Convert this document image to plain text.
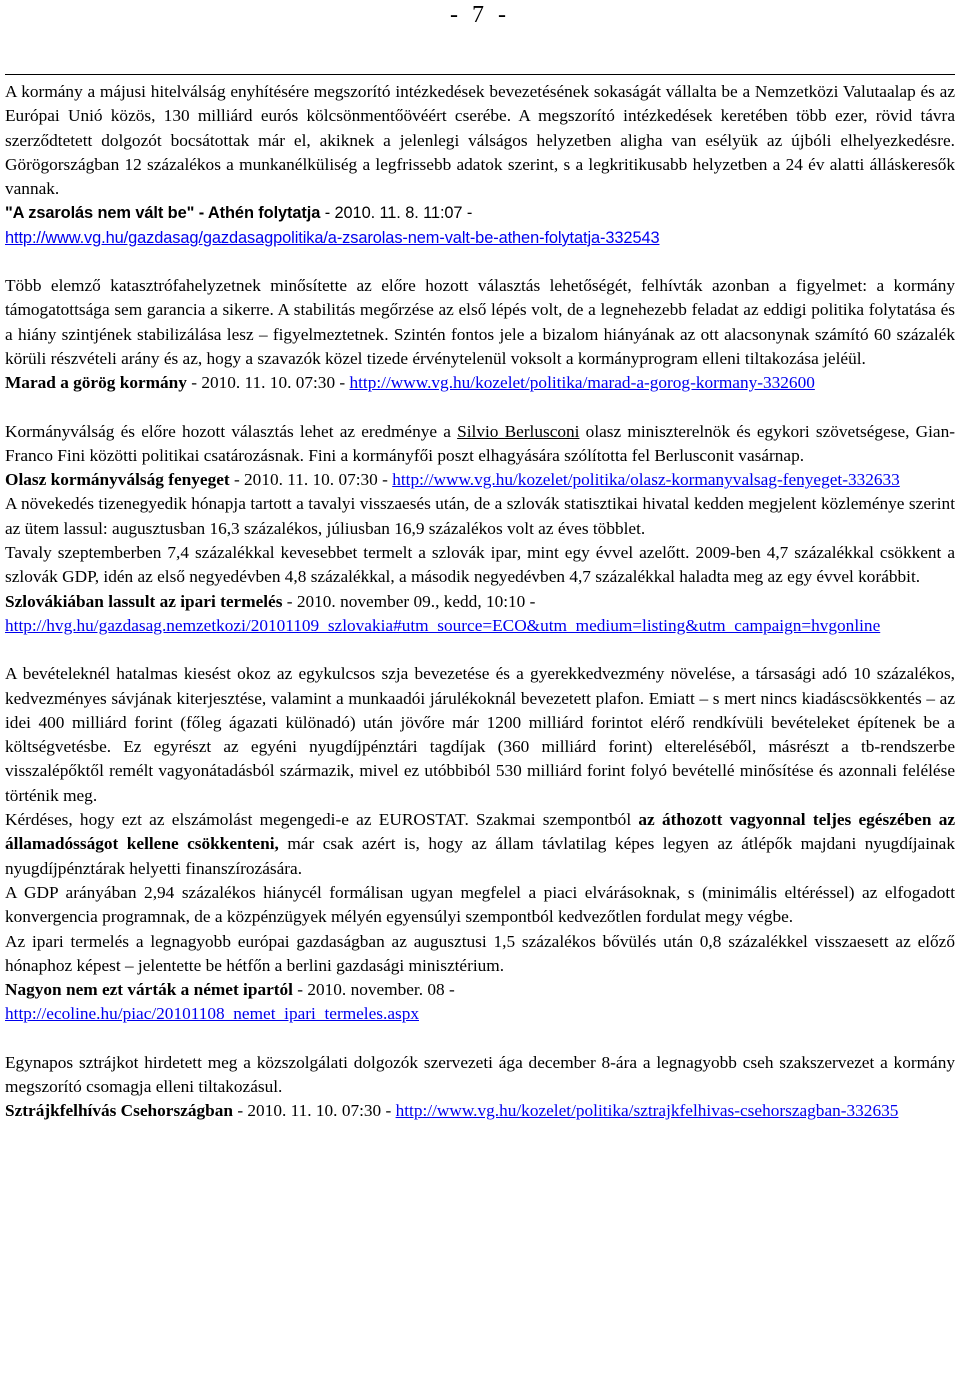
- 7 -

A kormány a májusi hitelválság enyhítésére megszorító intézkedések bevezetésének sokaságát vállalta be a Nemzetközi Valutaalap és az Európai Unió közös, 130 milliárd eurós kölcsönmentőövéért cserébe. A megszorító intézkedések keretében több ezer, rövid távra szerződtetett dolgozót bocsátottak már el, akiknek a jelenlegi válságos helyzetben aligha van esélyük az újbóli elhelyezkedésre. Görögországban 12 százalékos a munkanélküliség a legfrissebb adatok szerint, s a legkritikusabb helyzetben a 24 év alatti álláskeresők vannak.

"A zsarolás nem vált be" - Athén folytatja - 2010. 11. 8. 11:07 -

http://www.vg.hu/gazdasag/gazdasagpolitika/a-zsarolas-nem-valt-be-athen-folytatja-332543

Több elemző katasztrófahelyzetnek minősítette az előre hozott választás lehetőségét, felhívták azonban a figyelmet: a kormány támogatottsága sem garancia a sikerre. A stabilitás megőrzése az első lépés volt, de a legnehezebb feladat az eddigi politika folytatása és a hiány szintjének stabilizálása lesz – figyelmeztetnek. Szintén fontos jele a bizalom hiányának az ott alacsonynak számító 60 százalék körüli részvételi arány és az, hogy a szavazók közel tizede érvénytelenül voksolt a kormányprogram elleni tiltakozása jeléül.

Marad a görög kormány - 2010. 11. 10. 07:30 - http://www.vg.hu/kozelet/politika/marad-a-gorog-kormany-332600

Kormányválság és előre hozott választás lehet az eredménye a Silvio Berlusconi olasz miniszterelnök és egykori szövetségese, Gian-Franco Fini közötti politikai csatározásnak. Fini a kormányfői poszt elhagyására szólította fel Berlusconit vasárnap.

Olasz kormányválság fenyeget - 2010. 11. 10. 07:30 - http://www.vg.hu/kozelet/politika/olasz-kormanyvalsag-fenyeget-332633

A növekedés tizenegyedik hónapja tartott a tavalyi visszaesés után, de a szlovák statisztikai hivatal kedden megjelent közleménye szerint az ütem lassul: augusztusban 16,3 százalékos, júliusban 16,9 százalékos volt az éves többlet.

Tavaly szeptemberben 7,4 százalékkal kevesebbet termelt a szlovák ipar, mint egy évvel azelőtt. 2009-ben 4,7 százalékkal csökkent a szlovák GDP, idén az első negyedévben 4,8 százalékkal, a második negyedévben 4,7 százalékkal haladta meg az egy évvel korábbit.

Szlovákiában lassult az ipari termelés - 2010. november 09., kedd, 10:10 -

http://hvg.hu/gazdasag.nemzetkozi/20101109_szlovakia#utm_source=ECO&utm_medium=listing&utm_campaign=hvgonline

A bevételeknél hatalmas kiesést okoz az egykulcsos szja bevezetése és a gyerekkedvezmény növelése, a társasági adó 10 százalékos, kedvezményes sávjának kiterjesztése, valamint a munkaadói járulékoknál bevezetett plafon. Emiatt – s mert nincs kiadáscsökkentés – az idei 400 milliárd forint (főleg ágazati különadó) után jövőre már 1200 milliárd forintot elérő rendkívüli bevételeket építenek be a költségvetésbe. Ez egyrészt az egyéni nyugdíjpénztári tagdíjak (360 milliárd forint) eltereléséből, másrészt a tb-rendszerbe visszalépőktől remélt vagyonátadásból származik, mivel ez utóbbiból 530 milliárd forint folyó bevétellé minősítése és azonnali felélése történik meg.

Kérdéses, hogy ezt az elszámolást megengedi-e az EUROSTAT. Szakmai szempontból az áthozott vagyonnal teljes egészében az államadósságot kellene csökkenteni, már csak azért is, hogy az állam távlatilag képes legyen az átlépők majdani nyugdíjainak nyugdíjpénztárak helyetti finanszírozására.

A GDP arányában 2,94 százalékos hiánycél formálisan ugyan megfelel a piaci elvárásoknak, s (minimális eltéréssel) az elfogadott konvergencia programnak, de a közpénzügyek mélyén egyensúlyi szempontból kedvezőtlen fordulat megy végbe.

Az ipari termelés a legnagyobb európai gazdaságban az augusztusi 1,5 százalékos bővülés után 0,8 százalékkel visszaesett az előző hónaphoz képest – jelentette be hétfőn a berlini gazdasági minisztérium.

Nagyon nem ezt várták a német ipartól - 2010. november. 08 -

http://ecoline.hu/piac/20101108_nemet_ipari_termeles.aspx

Egynapos sztrájkot hirdetett meg a közszolgálati dolgozók szervezeti ága december 8-ára a legnagyobb cseh szakszervezet a kormány megszorító csomagja elleni tiltakozásul.

Sztrájkfelhívás Csehországban - 2010. 11. 10. 07:30 - http://www.vg.hu/kozelet/politika/sztrajkfelhivas-csehorszagban-332635
